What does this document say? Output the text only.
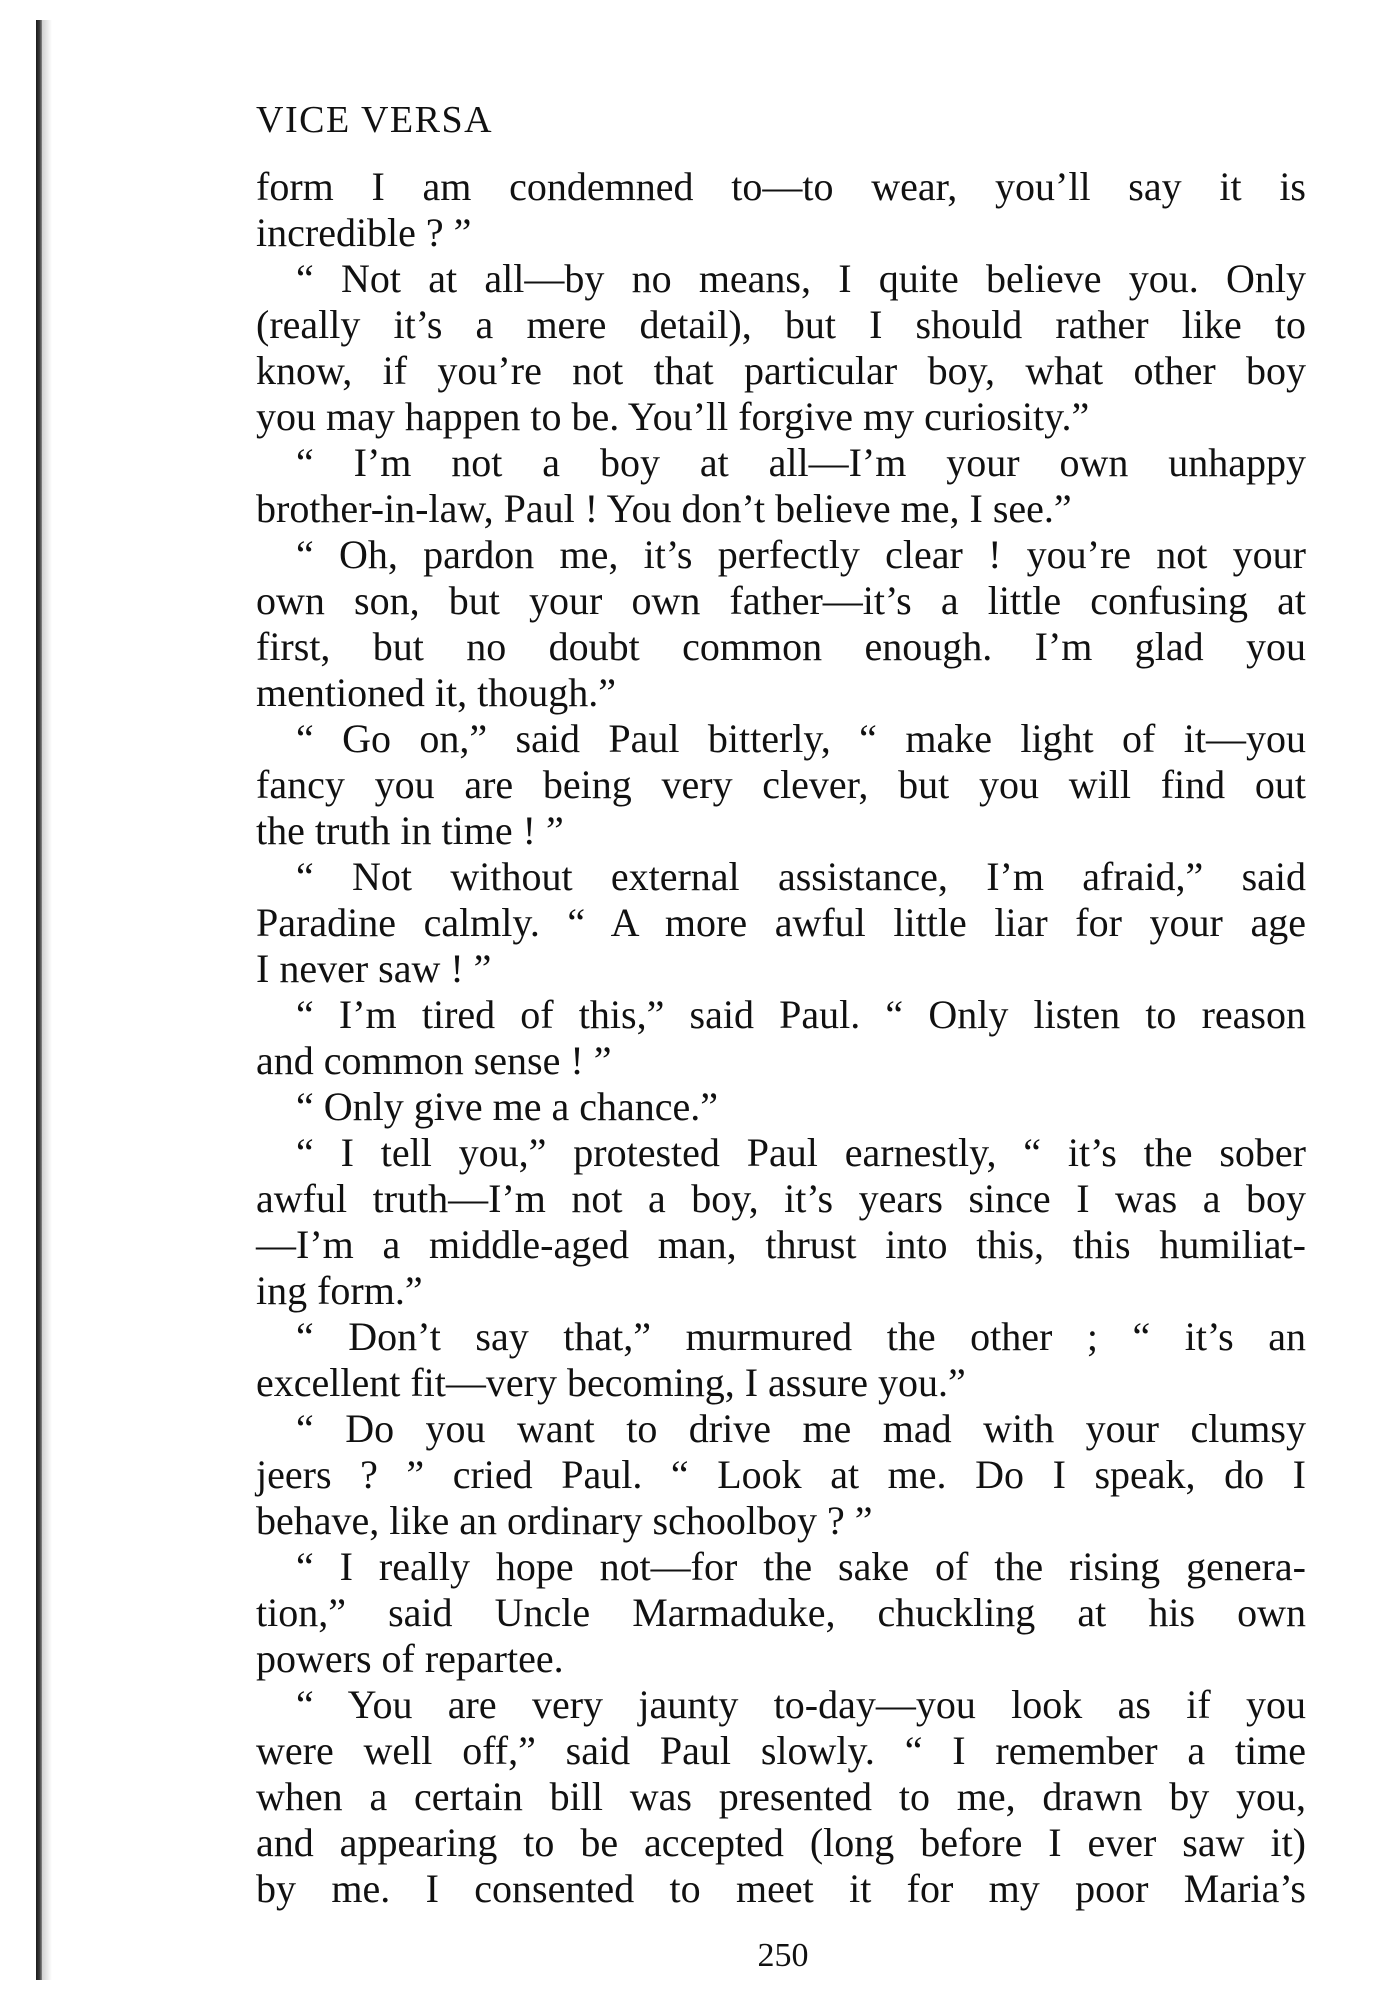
VICE VERSA
form I am condemned to—to wear, you’ll say it is
incredible ? ”
“ Not at all—by no means, I quite believe you. Only
(really it’s a mere detail), but I should rather like to
know, if you’re not that particular boy, what other boy
you may happen to be. You’ll forgive my curiosity.”
“ I’m not a boy at all—I’m your own unhappy
brother-in-law, Paul ! You don’t believe me, I see.”
“ Oh, pardon me, it’s perfectly clear ! you’re not your
own son, but your own father—it’s a little confusing at
first, but no doubt common enough. I’m glad you
mentioned it, though.”
“ Go on,” said Paul bitterly, “ make light of it—you
fancy you are being very clever, but you will find out
the truth in time ! ”
“ Not without external assistance, I’m afraid,” said
Paradine calmly. “ A more awful little liar for your age
I never saw ! ”
“ I’m tired of this,” said Paul. “ Only listen to reason
and common sense ! ”
“ Only give me a chance.”
“ I tell you,” protested Paul earnestly, “ it’s the sober
awful truth—I’m not a boy, it’s years since I was a boy
—I’m a middle-aged man, thrust into this, this humiliat-
ing form.”
“ Don’t say that,” murmured the other ; “ it’s an
excellent fit—very becoming, I assure you.”
“ Do you want to drive me mad with your clumsy
jeers ? ” cried Paul. “ Look at me. Do I speak, do I
behave, like an ordinary schoolboy ? ”
“ I really hope not—for the sake of the rising genera-
tion,” said Uncle Marmaduke, chuckling at his own
powers of repartee.
“ You are very jaunty to-day—you look as if you
were well off,” said Paul slowly. “ I remember a time
when a certain bill was presented to me, drawn by you,
and appearing to be accepted (long before I ever saw it)
by me. I consented to meet it for my poor Maria’s
250
